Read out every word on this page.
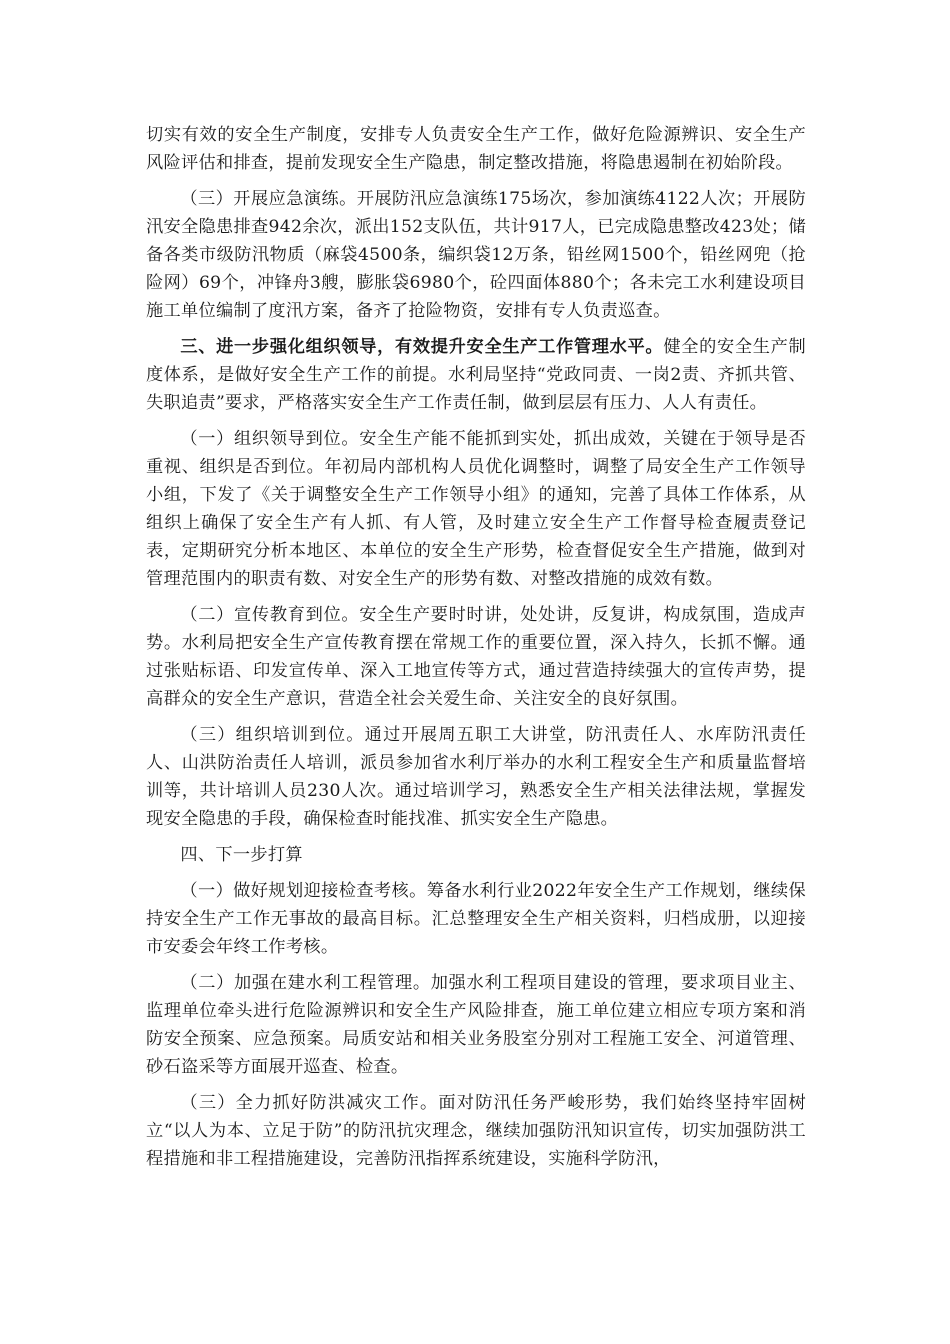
切实有效的安全生产制度，安排专人负责安全生产工作，做好危险源辨识、安全生产风险评估和排查，提前发现安全生产隐患，制定整改措施，将隐患遏制在初始阶段。

（三）开展应急演练。开展防汛应急演练175场次，参加演练4122人次；开展防汛安全隐患排查942余次，派出152支队伍，共计917人，已完成隐患整改423处；储备各类市级防汛物质（麻袋4500条，编织袋12万条，铅丝网1500个，铅丝网兜（抢险网）69个，冲锋舟3艘，膨胀袋6980个，砼四面体880个；各未完工水利建设项目施工单位编制了度汛方案，备齐了抢险物资，安排有专人负责巡查。

三、进一步强化组织领导，有效提升安全生产工作管理水平。健全的安全生产制度体系，是做好安全生产工作的前提。水利局坚持“党政同责、一岗2责、齐抓共管、失职追责”要求，严格落实安全生产工作责任制，做到层层有压力、人人有责任。

（一）组织领导到位。安全生产能不能抓到实处，抓出成效，关键在于领导是否重视、组织是否到位。年初局内部机构人员优化调整时，调整了局安全生产工作领导小组，下发了《关于调整安全生产工作领导小组》的通知，完善了具体工作体系，从组织上确保了安全生产有人抓、有人管，及时建立安全生产工作督导检查履责登记表，定期研究分析本地区、本单位的安全生产形势，检查督促安全生产措施，做到对管理范围内的职责有数、对安全生产的形势有数、对整改措施的成效有数。

（二）宣传教育到位。安全生产要时时讲，处处讲，反复讲，构成氛围，造成声势。水利局把安全生产宣传教育摆在常规工作的重要位置，深入持久，长抓不懈。通过张贴标语、印发宣传单、深入工地宣传等方式，通过营造持续强大的宣传声势，提高群众的安全生产意识，营造全社会关爱生命、关注安全的良好氛围。

（三）组织培训到位。通过开展周五职工大讲堂，防汛责任人、水库防汛责任人、山洪防治责任人培训，派员参加省水利厅举办的水利工程安全生产和质量监督培训等，共计培训人员230人次。通过培训学习，熟悉安全生产相关法律法规，掌握发现安全隐患的手段，确保检查时能找准、抓实安全生产隐患。

四、下一步打算

（一）做好规划迎接检查考核。筹备水利行业2022年安全生产工作规划，继续保持安全生产工作无事故的最高目标。汇总整理安全生产相关资料，归档成册，以迎接市安委会年终工作考核。

（二）加强在建水利工程管理。加强水利工程项目建设的管理，要求项目业主、监理单位牵头进行危险源辨识和安全生产风险排查，施工单位建立相应专项方案和消防安全预案、应急预案。局质安站和相关业务股室分别对工程施工安全、河道管理、砂石盗采等方面展开巡查、检查。

（三）全力抓好防洪减灾工作。面对防汛任务严峻形势，我们始终坚持牢固树立“以人为本、立足于防”的防汛抗灾理念，继续加强防汛知识宣传，切实加强防洪工程措施和非工程措施建设，完善防汛指挥系统建设，实施科学防汛，
